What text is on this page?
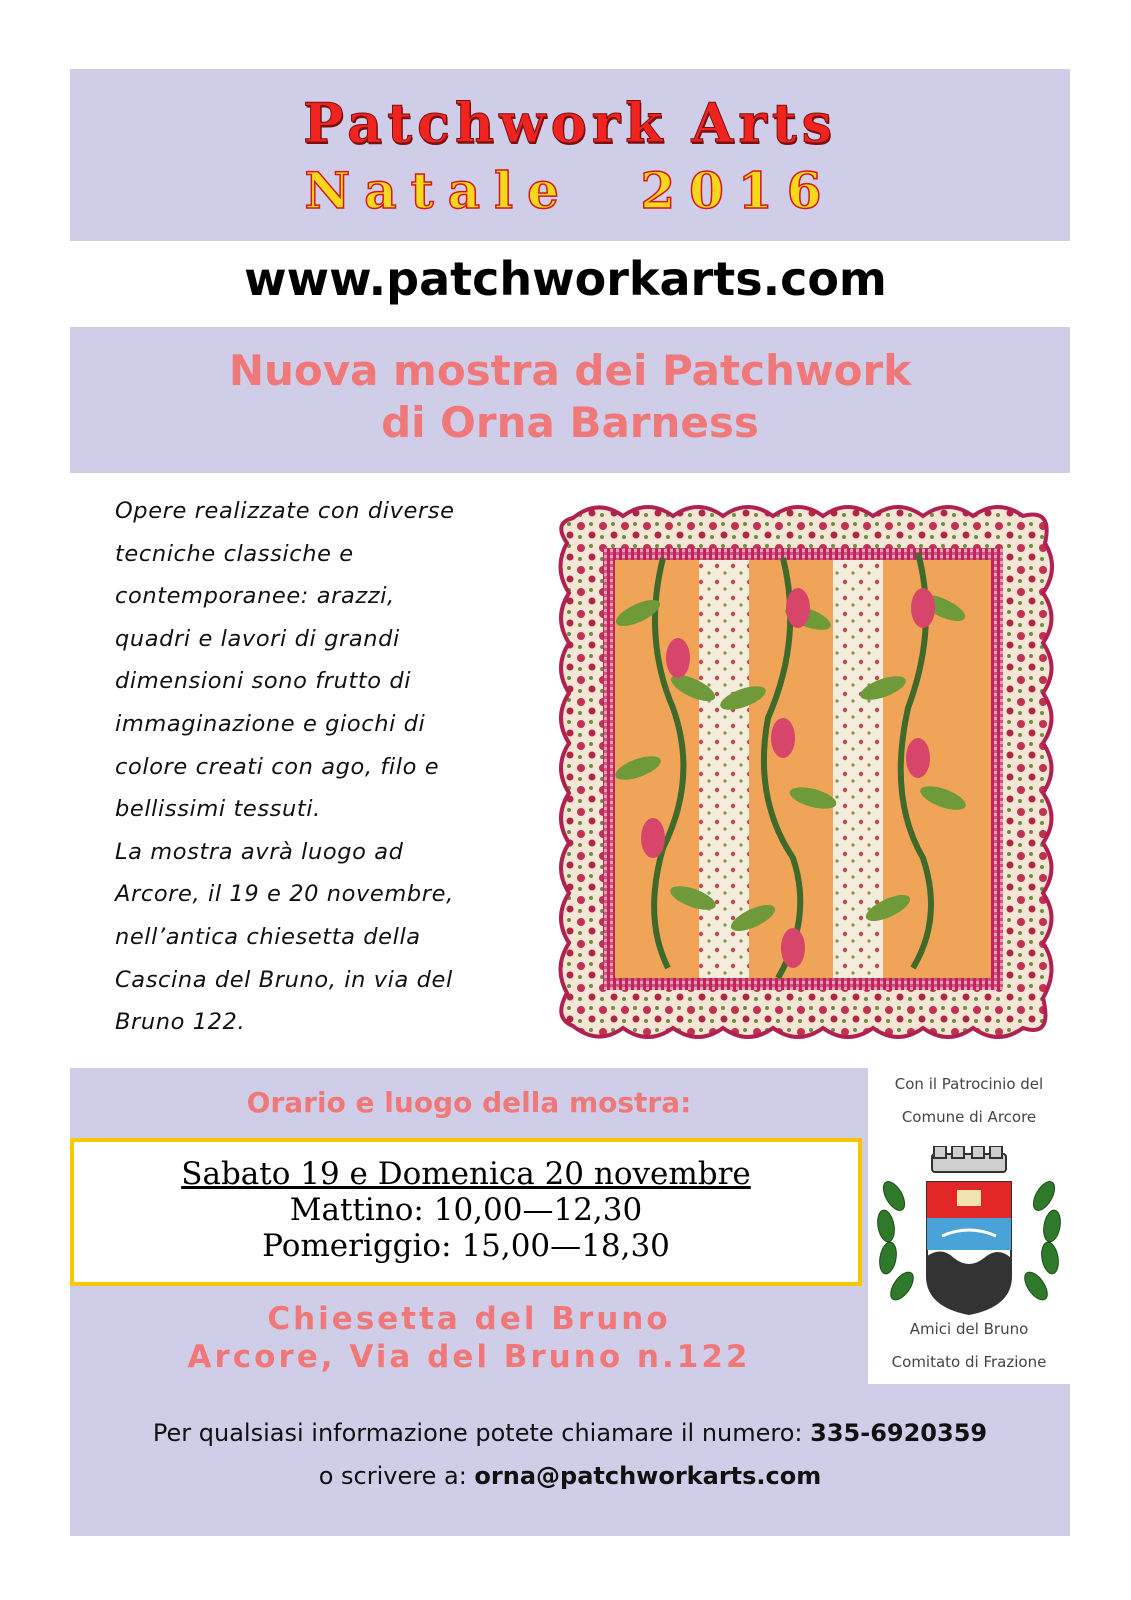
Patchwork Arts
Natale 2016
www.patchworkarts.com
Nuova mostra dei Patchwork
di Orna Barness

Opere realizzate con diverse

tecniche classiche e

contemporanee: arazzi,

quadri e lavori di grandi

dimensioni sono frutto di

immaginazione e giochi di

colore creati con ago, filo e

bellissimi tessuti.

La mostra avrà luogo ad

Arcore, il 19 e 20 novembre,

nell’antica chiesetta della

Cascina del Bruno, in via del

Bruno 122.

Orario e luogo della mostra:
Sabato 19 e Domenica 20 novembre
Mattino: 10,00—12,30
Pomeriggio: 15,00—18,30
Chiesetta del Bruno
Arcore, Via del Bruno n.122
Con il Patrocinio del
Comune di Arcore
Amici del Bruno
Comitato di Frazione
Per qualsiasi informazione potete chiamare il numero: 335-6920359
o scrivere a: orna@patchworkarts.com
